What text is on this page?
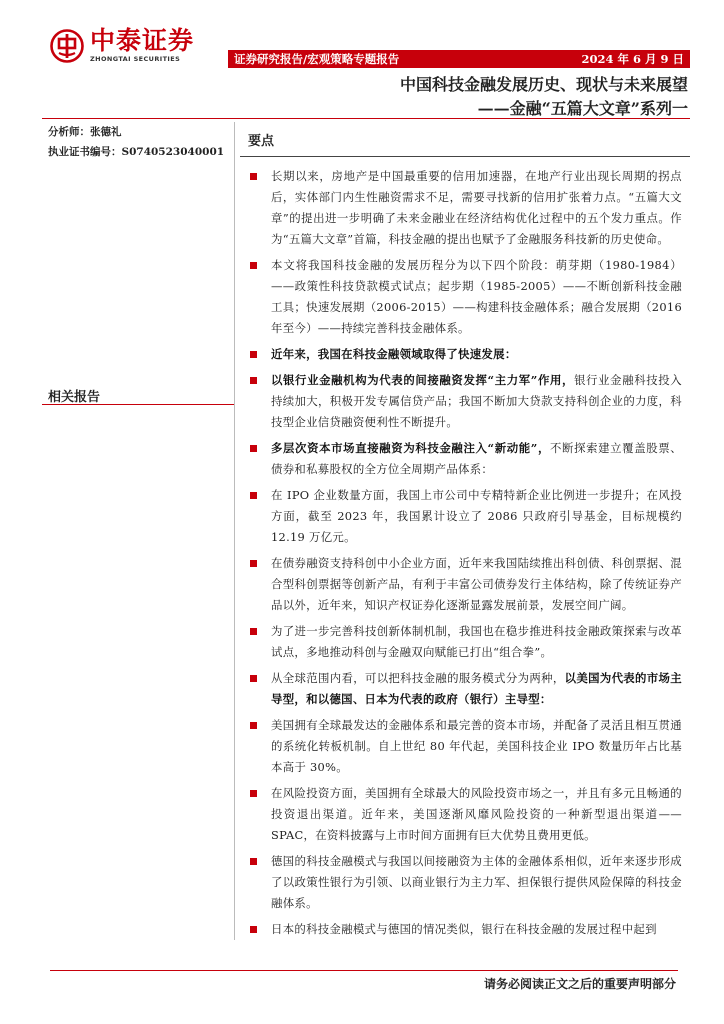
中泰证券
ZHONGTAI SECURITIES	证券研究报告/宏观策略专题报告	2024 年 6 月 9 日
中国科技金融发展历史、现状与未来展望
——金融“五篇大文章”系列一
分析师：张德礼
执业证书编号：S0740523040001
相关报告
要点
长期以来，房地产是中国最重要的信用加速器，在地产行业出现长周期的拐点后，实体部门内生性融资需求不足，需要寻找新的信用扩张着力点。“五篇大文章”的提出进一步明确了未来金融业在经济结构优化过程中的五个发力重点。作为“五篇大文章”首篇，科技金融的提出也赋予了金融服务科技新的历史使命。
本文将我国科技金融的发展历程分为以下四个阶段：萌芽期（1980-1984）——政策性科技贷款模式试点；起步期（1985-2005）——不断创新科技金融工具；快速发展期（2006-2015）——构建科技金融体系；融合发展期（2016年至今）——持续完善科技金融体系。
近年来，我国在科技金融领域取得了快速发展：
以银行业金融机构为代表的间接融资发挥“主力军”作用，银行业金融科技投入持续加大，积极开发专属信贷产品；我国不断加大贷款支持科创企业的力度，科技型企业信贷融资便利性不断提升。
多层次资本市场直接融资为科技金融注入“新动能”，不断探索建立覆盖股票、债券和私募股权的全方位全周期产品体系：
在 IPO 企业数量方面，我国上市公司中专精特新企业比例进一步提升；在风投方面，截至 2023 年，我国累计设立了 2086 只政府引导基金，目标规模约 12.19 万亿元。
在债券融资支持科创中小企业方面，近年来我国陆续推出科创债、科创票据、混合型科创票据等创新产品，有利于丰富公司债券发行主体结构，除了传统证券产品以外，近年来，知识产权证券化逐渐显露发展前景，发展空间广阔。
为了进一步完善科技创新体制机制，我国也在稳步推进科技金融政策探索与改革试点，多地推动科创与金融双向赋能已打出“组合拳”。
从全球范围内看，可以把科技金融的服务模式分为两种，以美国为代表的市场主导型，和以德国、日本为代表的政府（银行）主导型：
美国拥有全球最发达的金融体系和最完善的资本市场，并配备了灵活且相互贯通的系统化转板机制。自上世纪 80 年代起，美国科技企业 IPO 数量历年占比基本高于 30%。
在风险投资方面，美国拥有全球最大的风险投资市场之一，并且有多元且畅通的投资退出渠道。近年来，美国逐渐风靡风险投资的一种新型退出渠道——SPAC，在资料披露与上市时间方面拥有巨大优势且费用更低。
德国的科技金融模式与我国以间接融资为主体的金融体系相似，近年来逐步形成了以政策性银行为引领、以商业银行为主力军、担保银行提供风险保障的科技金融体系。
日本的科技金融模式与德国的情况类似，银行在科技金融的发展过程中起到
请务必阅读正文之后的重要声明部分
